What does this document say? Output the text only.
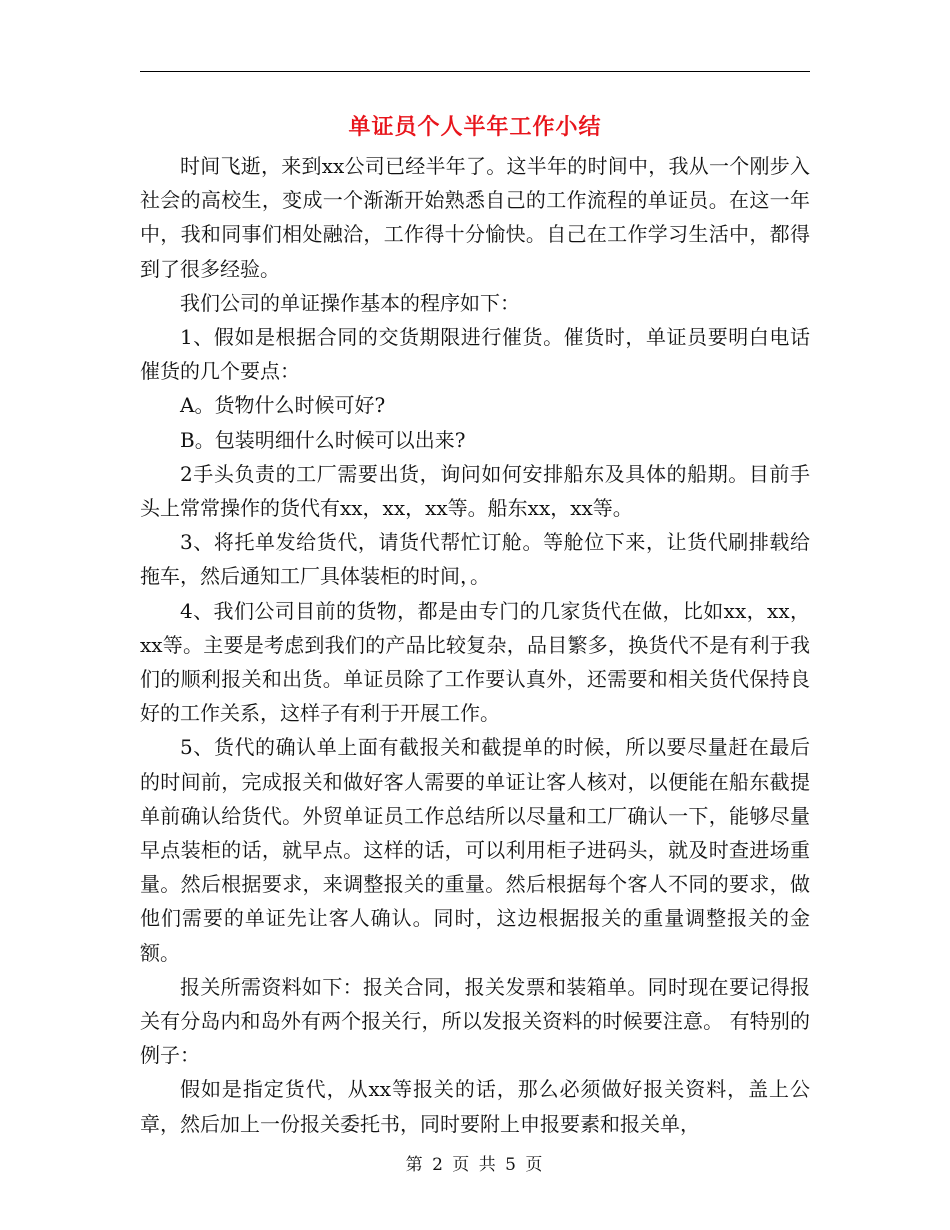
单证员个人半年工作小结

时间飞逝，来到xx公司已经半年了。这半年的时间中，我从一个刚步入社会的高校生，变成一个渐渐开始熟悉自己的工作流程的单证员。在这一年中，我和同事们相处融洽，工作得十分愉快。自己在工作学习生活中，都得到了很多经验。

我们公司的单证操作基本的程序如下：

1、假如是根据合同的交货期限进行催货。催货时，单证员要明白电话催货的几个要点：

A。货物什么时候可好?

B。包装明细什么时候可以出来?

2手头负责的工厂需要出货，询问如何安排船东及具体的船期。目前手头上常常操作的货代有xx，xx，xx等。船东xx，xx等。

3、将托单发给货代，请货代帮忙订舱。等舱位下来，让货代刷排载给拖车，然后通知工厂具体装柜的时间，。

4、我们公司目前的货物，都是由专门的几家货代在做，比如xx，xx，xx等。主要是考虑到我们的产品比较复杂，品目繁多，换货代不是有利于我们的顺利报关和出货。单证员除了工作要认真外，还需要和相关货代保持良好的工作关系，这样子有利于开展工作。

5、货代的确认单上面有截报关和截提单的时候，所以要尽量赶在最后的时间前，完成报关和做好客人需要的单证让客人核对，以便能在船东截提单前确认给货代。外贸单证员工作总结所以尽量和工厂确认一下，能够尽量早点装柜的话，就早点。这样的话，可以利用柜子进码头，就及时查进场重量。然后根据要求，来调整报关的重量。然后根据每个客人不同的要求，做他们需要的单证先让客人确认。同时，这边根据报关的重量调整报关的金额。

报关所需资料如下：报关合同，报关发票和装箱单。同时现在要记得报关有分岛内和岛外有两个报关行，所以发报关资料的时候要注意。 有特别的例子：

假如是指定货代，从xx等报关的话，那么必须做好报关资料，盖上公章，然后加上一份报关委托书，同时要附上申报要素和报关单，

第 2 页 共 5 页
